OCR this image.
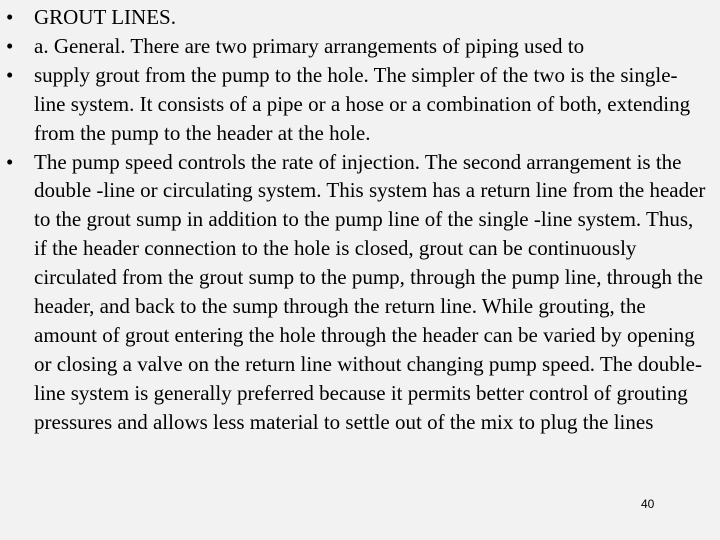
• GROUT LINES.
• a. General. There are two primary arrangements of piping used to
• supply grout from the pump to the hole. The simpler of the two is the single-line system. It consists of a pipe or a hose or a combination of both, extending from the pump to the header at the hole.
• The pump speed controls the rate of injection. The second arrangement is the double -line or circulating system. This system has a return line from the header to the grout sump in addition to the pump line of the single -line system. Thus, if the header connection to the hole is closed, grout can be continuously circulated from the grout sump to the pump, through the pump line, through the header, and back to the sump through the return line. While grouting, the amount of grout entering the hole through the header can be varied by opening or closing a valve on the return line without changing pump speed. The double-line system is generally preferred because it permits better control of grouting pressures and allows less material to settle out of the mix to plug the lines
40
